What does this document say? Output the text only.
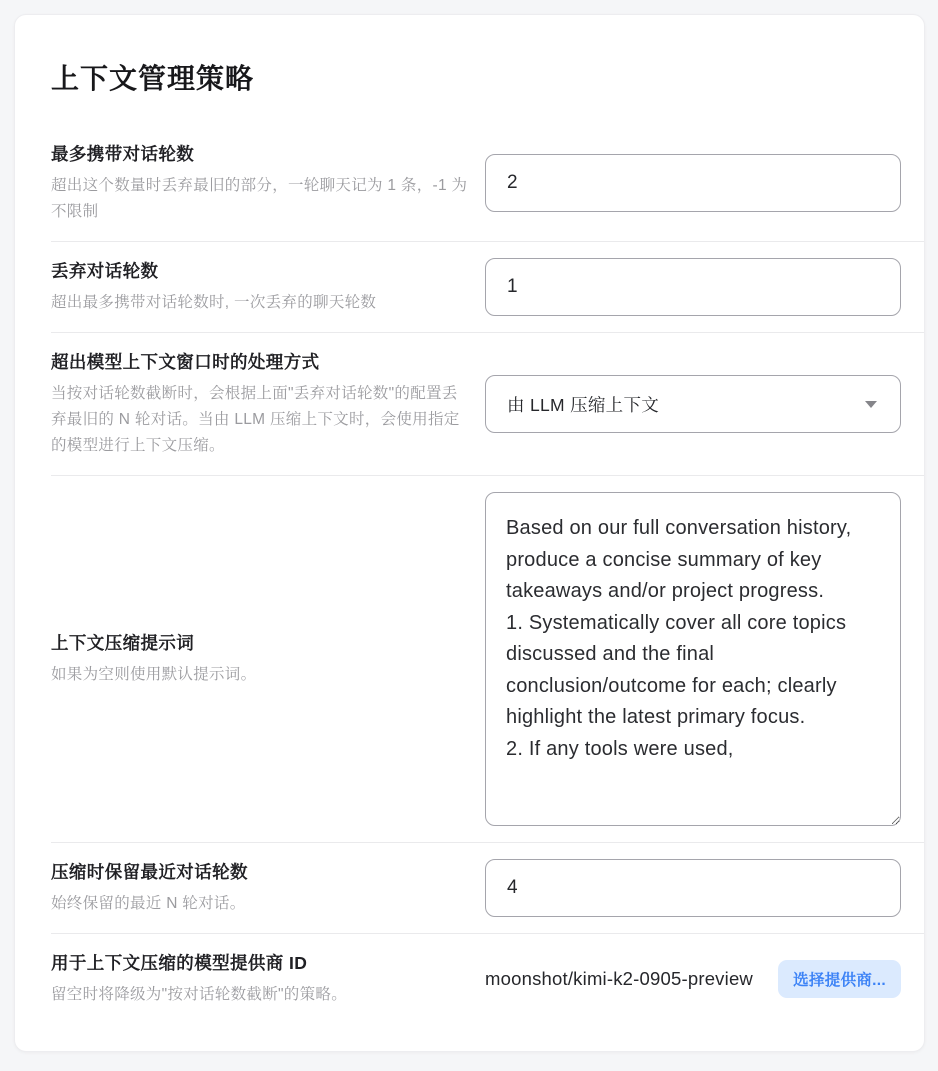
上下文管理策略
最多携带对话轮数
超出这个数量时丢弃最旧的部分，一轮聊天记为 1 条，-1 为不限制
2
丢弃对话轮数
超出最多携带对话轮数时, 一次丢弃的聊天轮数
1
超出模型上下文窗口时的处理方式
当按对话轮数截断时，会根据上面"丢弃对话轮数"的配置丢弃最旧的 N 轮对话。当由 LLM 压缩上下文时，会使用指定的模型进行上下文压缩。
由 LLM 压缩上下文
上下文压缩提示词
如果为空则使用默认提示词。
Based on our full conversation history, produce a concise summary of key takeaways and/or project progress. 1. Systematically cover all core topics discussed and the final conclusion/outcome for each; clearly highlight the latest primary focus. 2. If any tools were used,
压缩时保留最近对话轮数
始终保留的最近 N 轮对话。
4
用于上下文压缩的模型提供商 ID
留空时将降级为"按对话轮数截断"的策略。
moonshot/kimi-k2-0905-preview	选择提供商...
